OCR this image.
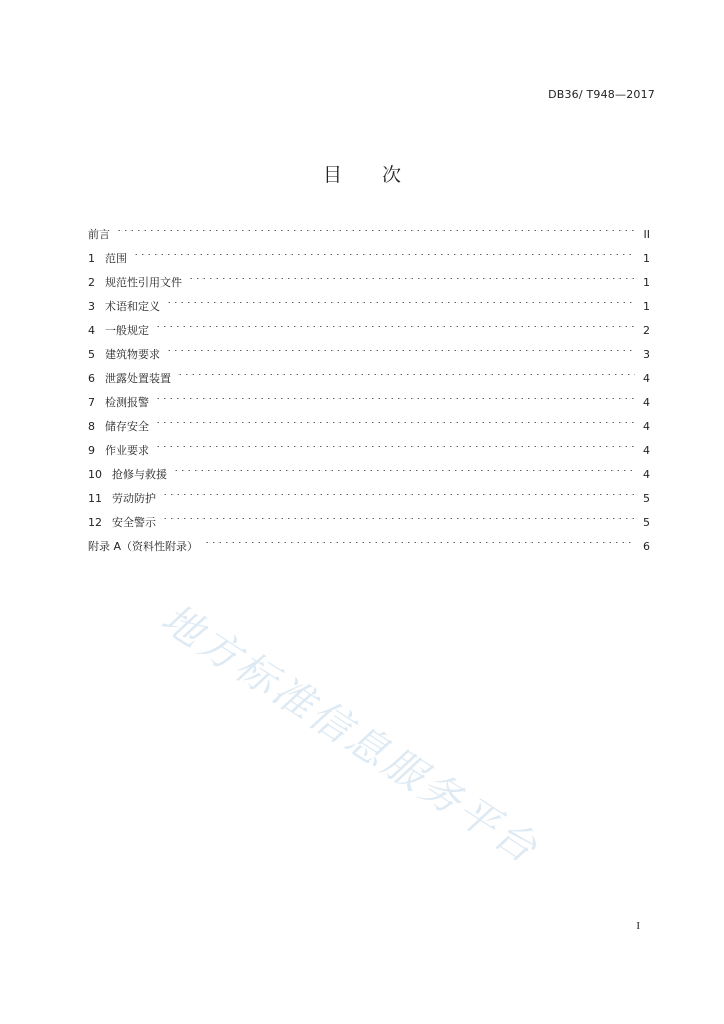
DB36/ T948—2017
目 次
前言	II
1 范围	1
2 规范性引用文件	1
3 术语和定义	1
4 一般规定	2
5 建筑物要求	3
6 泄露处置装置	4
7 检测报警	4
8 储存安全	4
9 作业要求	4
10 抢修与救援	4
11 劳动防护	5
12 安全警示	5
附录 A（资料性附录）	6
地方标准信息服务平台
I
